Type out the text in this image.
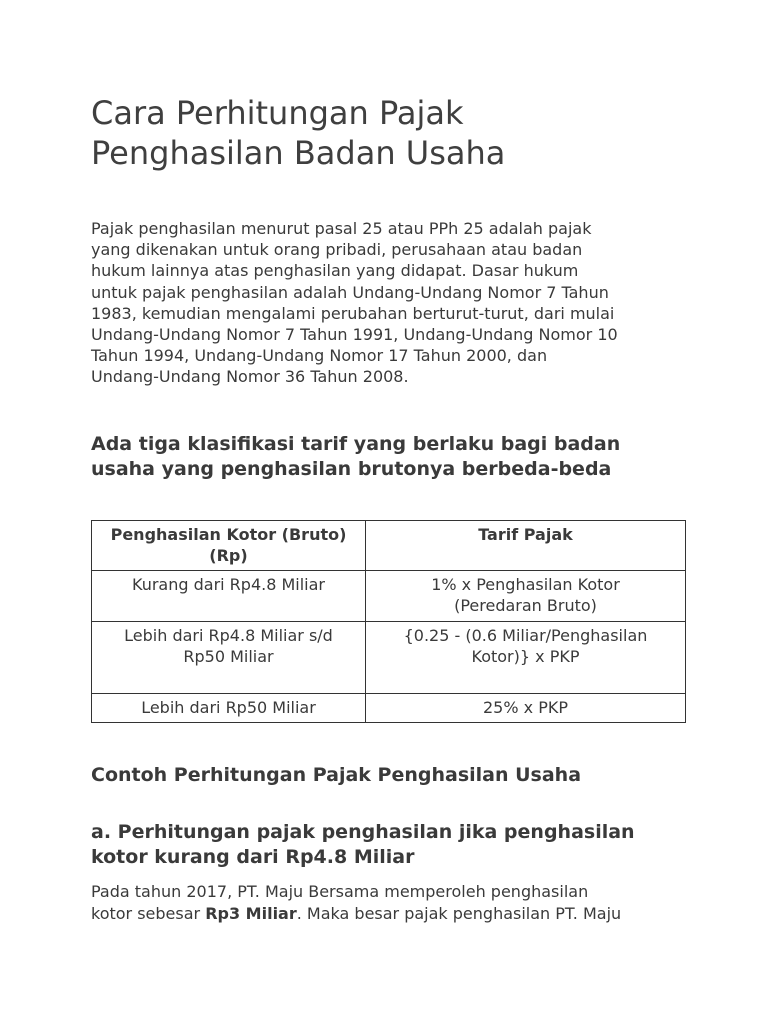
Cara Perhitungan Pajak
Penghasilan Badan Usaha

Pajak penghasilan menurut pasal 25 atau PPh 25 adalah pajak
yang dikenakan untuk orang pribadi, perusahaan atau badan
hukum lainnya atas penghasilan yang didapat. Dasar hukum
untuk pajak penghasilan adalah Undang-Undang Nomor 7 Tahun
1983, kemudian mengalami perubahan berturut-turut, dari mulai
Undang-Undang Nomor 7 Tahun 1991, Undang-Undang Nomor 10
Tahun 1994, Undang-Undang Nomor 17 Tahun 2000, dan
Undang-Undang Nomor 36 Tahun 2008.

Ada tiga klasifikasi tarif yang berlaku bagi badan
usaha yang penghasilan brutonya berbeda-beda
Penghasilan Kotor (Bruto)
(Rp)	Tarif Pajak

Kurang dari Rp4.8 Miliar	1% x Penghasilan Kotor
(Peredaran Bruto)

Lebih dari Rp4.8 Miliar s/d
Rp50 Miliar	{0.25 - (0.6 Miliar/Penghasilan
Kotor)} x PKP

Lebih dari Rp50 Miliar	25% x PKP
Contoh Perhitungan Pajak Penghasilan Usaha
a. Perhitungan pajak penghasilan jika penghasilan
kotor kurang dari Rp4.8 Miliar

Pada tahun 2017, PT. Maju Bersama memperoleh penghasilan
kotor sebesar Rp3 Miliar. Maka besar pajak penghasilan PT. Maju
